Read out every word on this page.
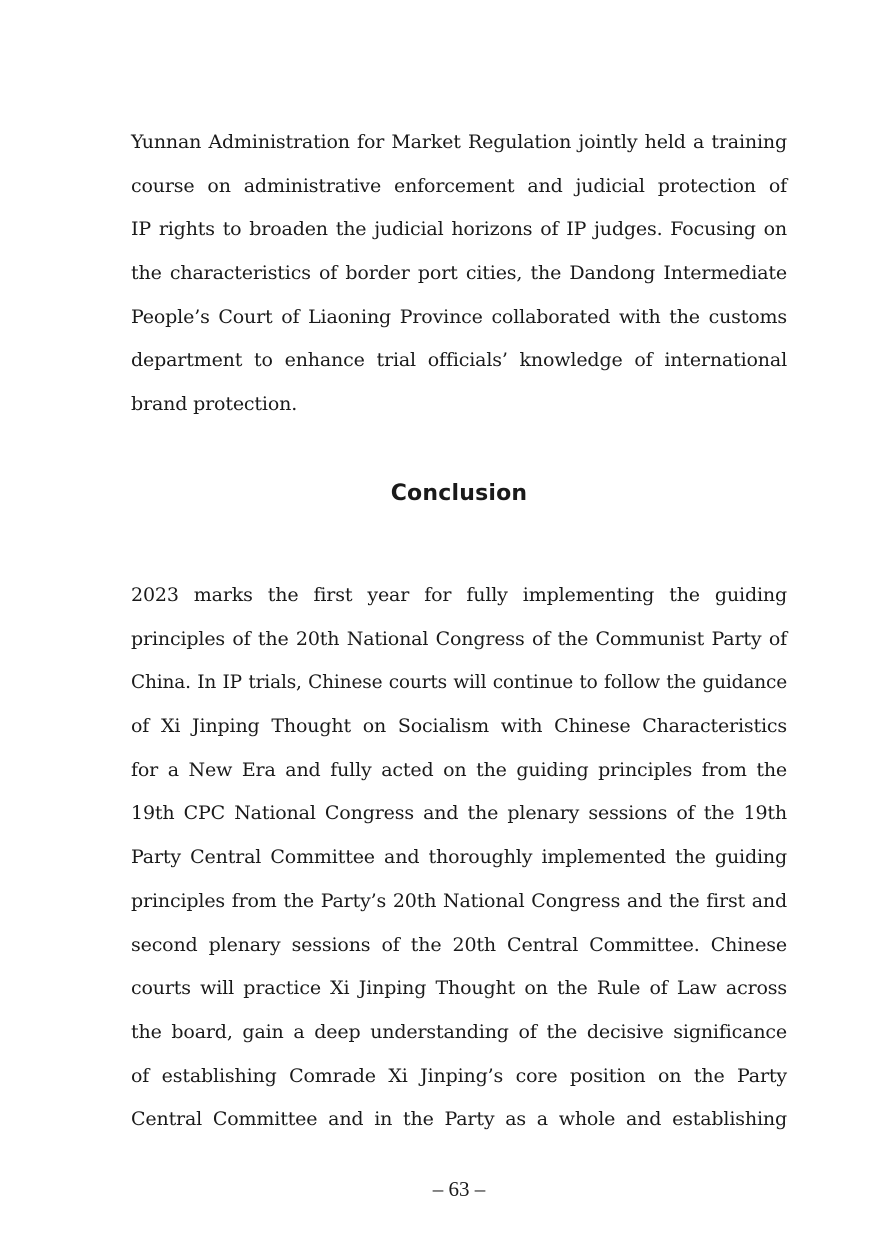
Yunnan Administration for Market Regulation jointly held a training
course on administrative enforcement and judicial protection of
IP rights to broaden the judicial horizons of IP judges. Focusing on
the characteristics of border port cities, the Dandong Intermediate
People’s Court of Liaoning Province collaborated with the customs
department to enhance trial officials’ knowledge of international
brand protection.
Conclusion
2023 marks the first year for fully implementing the guiding
principles of the 20th National Congress of the Communist Party of
China. In IP trials, Chinese courts will continue to follow the guidance
of Xi Jinping Thought on Socialism with Chinese Characteristics
for a New Era and fully acted on the guiding principles from the
19th CPC National Congress and the plenary sessions of the 19th
Party Central Committee and thoroughly implemented the guiding
principles from the Party’s 20th National Congress and the first and
second plenary sessions of the 20th Central Committee. Chinese
courts will practice Xi Jinping Thought on the Rule of Law across
the board, gain a deep understanding of the decisive significance
of establishing Comrade Xi Jinping’s core position on the Party
Central Committee and in the Party as a whole and establishing
– 63 –
